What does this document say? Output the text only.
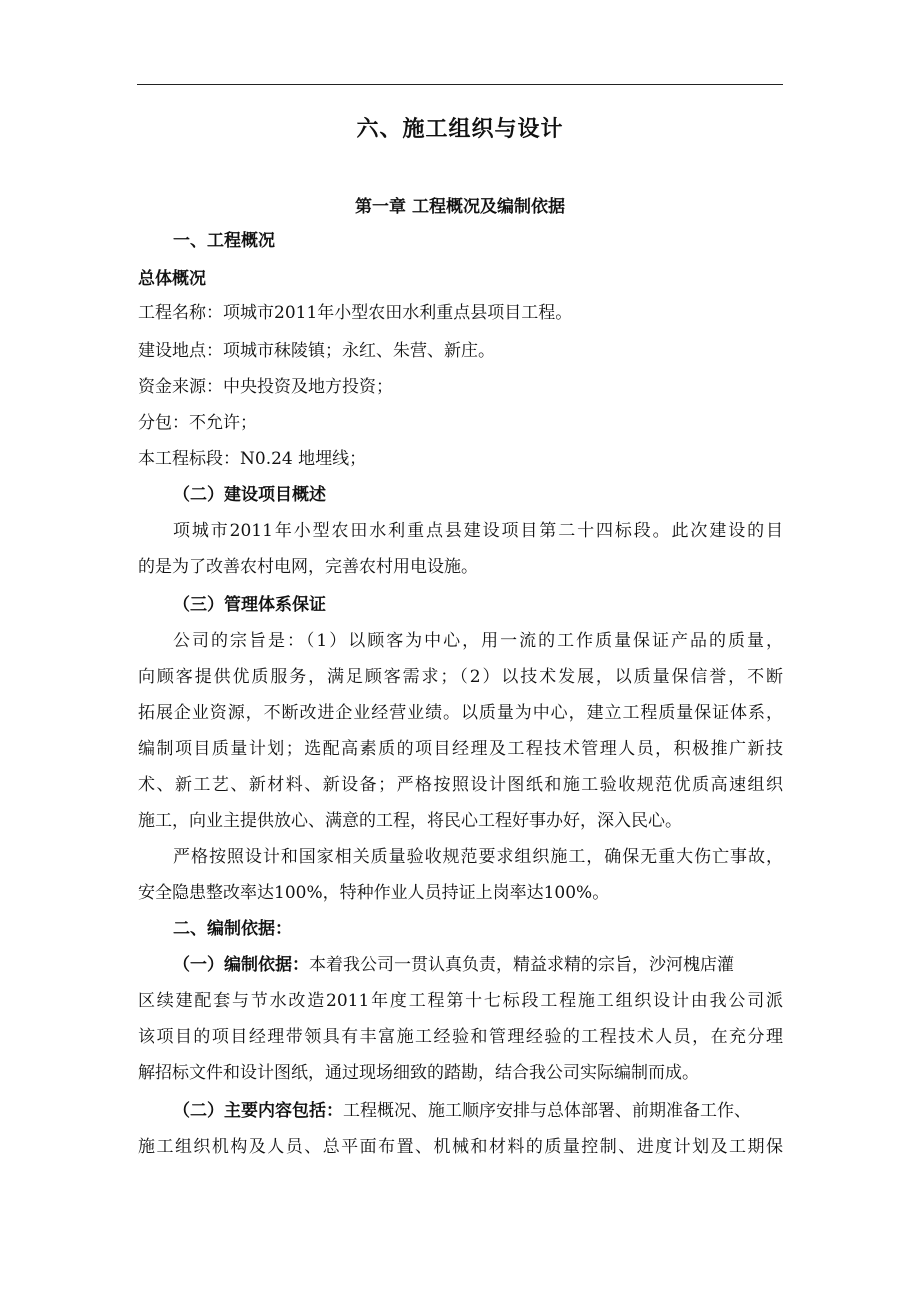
六、施工组织与设计
第一章 工程概况及编制依据
一、工程概况
总体概况
工程名称：项城市2011年小型农田水利重点县项目工程。
建设地点：项城市秣陵镇；永红、朱营、新庄。
资金来源：中央投资及地方投资；
分包：不允许；
本工程标段：N0.24 地埋线；
（二）建设项目概述
项城市2011年小型农田水利重点县建设项目第二十四标段。此次建设的目
的是为了改善农村电网，完善农村用电设施。
（三）管理体系保证
公司的宗旨是：（1）以顾客为中心，用一流的工作质量保证产品的质量，
向顾客提供优质服务，满足顾客需求；（2）以技术发展，以质量保信誉，不断
拓展企业资源，不断改进企业经营业绩。以质量为中心，建立工程质量保证体系，
编制项目质量计划；选配高素质的项目经理及工程技术管理人员，积极推广新技
术、新工艺、新材料、新设备；严格按照设计图纸和施工验收规范优质高速组织
施工，向业主提供放心、满意的工程，将民心工程好事办好，深入民心。
严格按照设计和国家相关质量验收规范要求组织施工，确保无重大伤亡事故，
安全隐患整改率达100%，特种作业人员持证上岗率达100%。
二、编制依据：
（一）编制依据：本着我公司一贯认真负责，精益求精的宗旨，沙河槐店灌
区续建配套与节水改造2011年度工程第十七标段工程施工组织设计由我公司派
该项目的项目经理带领具有丰富施工经验和管理经验的工程技术人员，在充分理
解招标文件和设计图纸，通过现场细致的踏勘，结合我公司实际编制而成。
（二）主要内容包括：工程概况、施工顺序安排与总体部署、前期准备工作、
施工组织机构及人员、总平面布置、机械和材料的质量控制、进度计划及工期保
